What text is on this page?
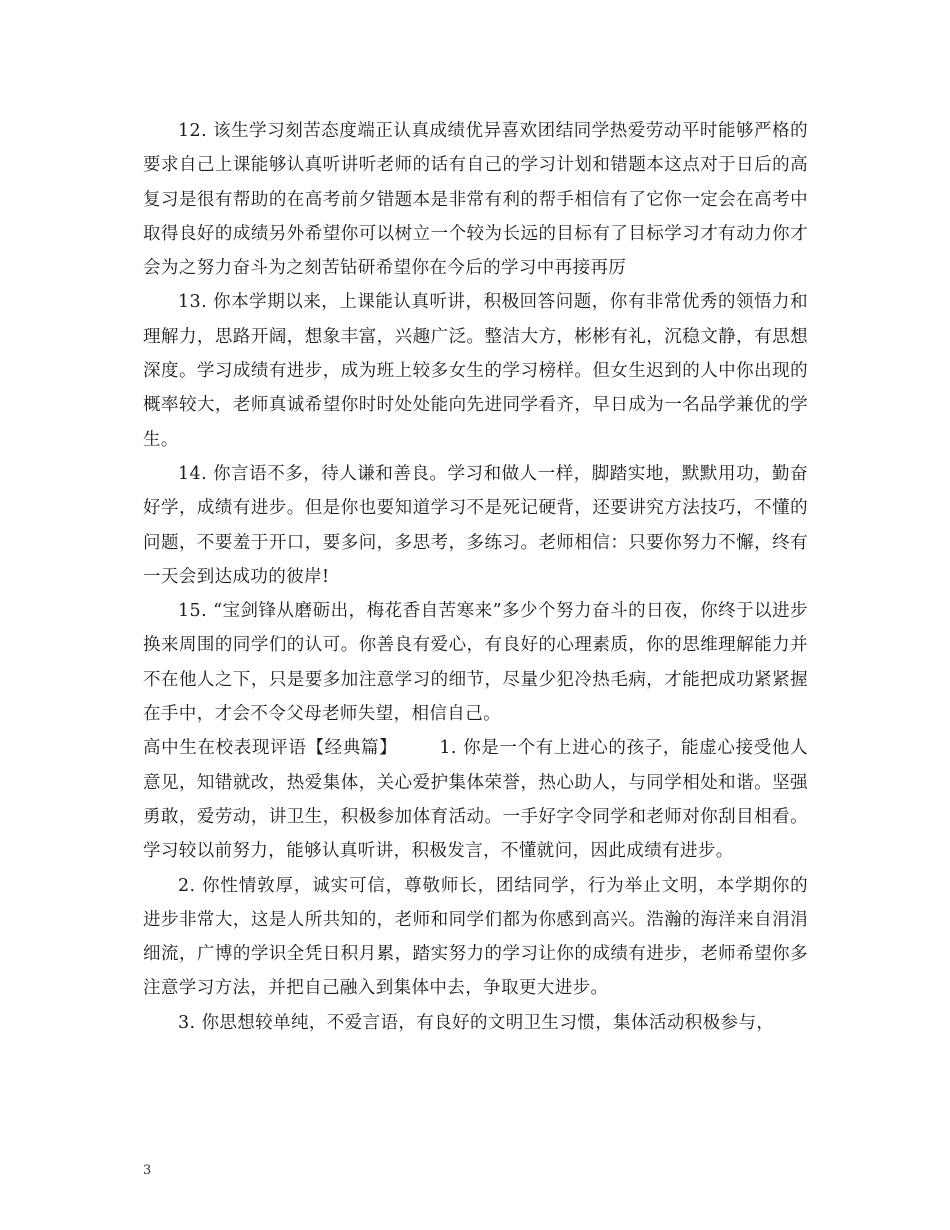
12. 该生学习刻苦态度端正认真成绩优异喜欢团结同学热爱劳动平时能够严格的要求自己上课能够认真听讲听老师的话有自己的学习计划和错题本这点对于日后的高复习是很有帮助的在高考前夕错题本是非常有利的帮手相信有了它你一定会在高考中取得良好的成绩另外希望你可以树立一个较为长远的目标有了目标学习才有动力你才会为之努力奋斗为之刻苦钻研希望你在今后的学习中再接再厉

13. 你本学期以来，上课能认真听讲，积极回答问题，你有非常优秀的领悟力和理解力，思路开阔，想象丰富，兴趣广泛。整洁大方，彬彬有礼，沉稳文静，有思想深度。学习成绩有进步，成为班上较多女生的学习榜样。但女生迟到的人中你出现的概率较大，老师真诚希望你时时处处能向先进同学看齐，早日成为一名品学兼优的学生。

14. 你言语不多，待人谦和善良。学习和做人一样，脚踏实地，默默用功，勤奋好学，成绩有进步。但是你也要知道学习不是死记硬背，还要讲究方法技巧，不懂的问题，不要羞于开口，要多问，多思考，多练习。老师相信：只要你努力不懈，终有一天会到达成功的彼岸!

15. “宝剑锋从磨砺出，梅花香自苦寒来”多少个努力奋斗的日夜，你终于以进步换来周围的同学们的认可。你善良有爱心，有良好的心理素质，你的思维理解能力并不在他人之下，只是要多加注意学习的细节，尽量少犯冷热毛病，才能把成功紧紧握在手中，才会不令父母老师失望，相信自己。

高中生在校表现评语【经典篇】 1. 你是一个有上进心的孩子，能虚心接受他人意见，知错就改，热爱集体，关心爱护集体荣誉，热心助人，与同学相处和谐。坚强勇敢，爱劳动，讲卫生，积极参加体育活动。一手好字令同学和老师对你刮目相看。学习较以前努力，能够认真听讲，积极发言，不懂就问，因此成绩有进步。

2. 你性情敦厚，诚实可信，尊敬师长，团结同学，行为举止文明，本学期你的进步非常大，这是人所共知的，老师和同学们都为你感到高兴。浩瀚的海洋来自涓涓细流，广博的学识全凭日积月累，踏实努力的学习让你的成绩有进步，老师希望你多注意学习方法，并把自己融入到集体中去，争取更大进步。

3. 你思想较单纯，不爱言语，有良好的文明卫生习惯，集体活动积极参与，

3
